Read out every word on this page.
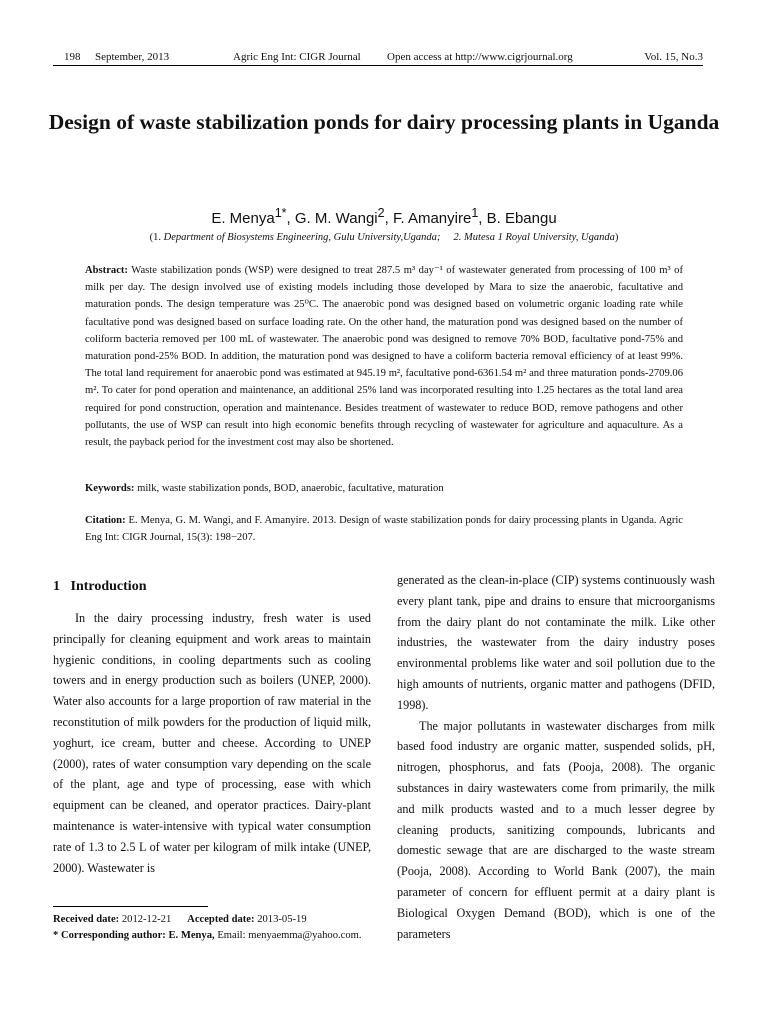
198 September, 2013	Agric Eng Int: CIGR Journal Open access at http://www.cigrjournal.org	Vol. 15, No.3
Design of waste stabilization ponds for dairy processing plants in Uganda
E. Menya$^{1*}$, G. M. Wangi$^2$, F. Amanyire$^1$, B. Ebangu
(1. Department of Biosystems Engineering, Gulu University,Uganda; 2. Mutesa 1 Royal University, Uganda)
Abstract: Waste stabilization ponds (WSP) were designed to treat 287.5 m³ day⁻¹ of wastewater generated from processing of 100 m³ of milk per day. The design involved use of existing models including those developed by Mara to size the anaerobic, facultative and maturation ponds. The design temperature was 25⁰C. The anaerobic pond was designed based on volumetric organic loading rate while facultative pond was designed based on surface loading rate. On the other hand, the maturation pond was designed based on the number of coliform bacteria removed per 100 mL of wastewater. The anaerobic pond was designed to remove 70% BOD, facultative pond-75% and maturation pond-25% BOD. In addition, the maturation pond was designed to have a coliform bacteria removal efficiency of at least 99%. The total land requirement for anaerobic pond was estimated at 945.19 m², facultative pond-6361.54 m² and three maturation ponds-2709.06 m². To cater for pond operation and maintenance, an additional 25% land was incorporated resulting into 1.25 hectares as the total land area required for pond construction, operation and maintenance. Besides treatment of wastewater to reduce BOD, remove pathogens and other pollutants, the use of WSP can result into high economic benefits through recycling of wastewater for agriculture and aquaculture. As a result, the payback period for the investment cost may also be shortened.
Keywords: milk, waste stabilization ponds, BOD, anaerobic, facultative, maturation
Citation: E. Menya, G. M. Wangi, and F. Amanyire. 2013. Design of waste stabilization ponds for dairy processing plants in Uganda. Agric Eng Int: CIGR Journal, 15(3): 198−207.
1 Introduction

In the dairy processing industry, fresh water is used principally for cleaning equipment and work areas to maintain hygienic conditions, in cooling departments such as cooling towers and in energy production such as boilers (UNEP, 2000). Water also accounts for a large proportion of raw material in the reconstitution of milk powders for the production of liquid milk, yoghurt, ice cream, butter and cheese. According to UNEP (2000), rates of water consumption vary depending on the scale of the plant, age and type of processing, ease with which equipment can be cleaned, and operator practices. Dairy-plant maintenance is water-intensive with typical water consumption rate of 1.3 to 2.5 L of water per kilogram of milk intake (UNEP, 2000). Wastewater is

generated as the clean-in-place (CIP) systems continuously wash every plant tank, pipe and drains to ensure that microorganisms from the dairy plant do not contaminate the milk. Like other industries, the wastewater from the dairy industry poses environmental problems like water and soil pollution due to the high amounts of nutrients, organic matter and pathogens (DFID, 1998).

The major pollutants in wastewater discharges from milk based food industry are organic matter, suspended solids, pH, nitrogen, phosphorus, and fats (Pooja, 2008). The organic substances in dairy wastewaters come from primarily, the milk and milk products wasted and to a much lesser degree by cleaning products, sanitizing compounds, lubricants and domestic sewage that are are discharged to the waste stream (Pooja, 2008). According to World Bank (2007), the main parameter of concern for effluent permit at a dairy plant is Biological Oxygen Demand (BOD), which is one of the parameters

Received date: 2012-12-21 Accepted date: 2013-05-19
* Corresponding author: E. Menya, Email: menyaemma@yahoo.com.
